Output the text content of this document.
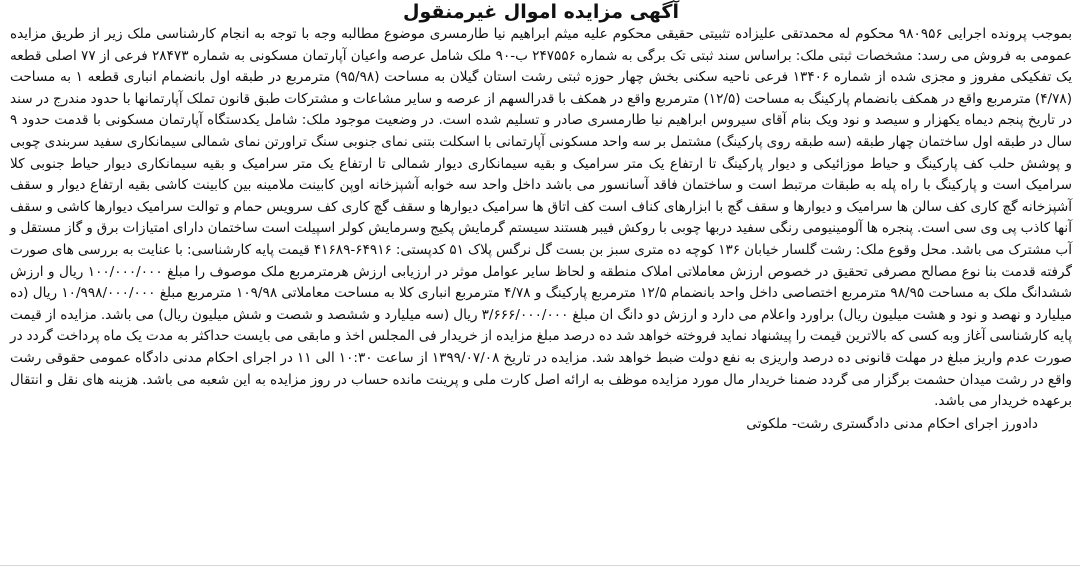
آگهی مزایده اموال غیرمنقول

بموجب پرونده اجرایی ۹۸۰۹۵۶ محکوم له محمدتقی علیزاده تثبیتی حقیقی محکوم علیه میثم ابراهیم نیا طارمسری موضوع مطالبه وجه با توجه به انجام کارشناسی ملک زیر از طریق مزایده عمومی به فروش می رسد: مشخصات ثبتی ملک: براساس سند ثبتی تک برگی به شماره ۲۴۷۵۵۶ ب-۹۰ ملک شامل عرصه واعیان آپارتمان مسکونی به شماره ۲۸۴۷۳ فرعی از ۷۷ اصلی قطعه یک تفکیکی مفروز و مجزی شده از شماره ۱۳۴۰۶ فرعی ناحیه سکنی بخش چهار حوزه ثبتی رشت استان گیلان به مساحت (۹۵/۹۸) مترمربع در طبقه اول بانضمام انباری قطعه ۱ به مساحت (۴/۷۸) مترمربع واقع در همکف بانضمام پارکینگ به مساحت (۱۲/۵) مترمربع واقع در همکف با قدرالسهم از عرصه و سایر مشاعات و مشترکات طبق قانون تملک آپارتمانها با حدود مندرج در سند در تاریخ پنجم دیماه یکهزار و سیصد و نود ویک بنام آقای سیروس ابراهیم نیا طارمسری صادر و تسلیم شده است. در وضعیت موجود ملک: شامل یکدستگاه آپارتمان مسکونی با قدمت حدود ۹ سال در طبقه اول ساختمان چهار طبقه (سه طبقه روی پارکینگ) مشتمل بر سه واحد مسکونی آپارتمانی با اسکلت بتنی نمای جنوبی سنگ تراورتن نمای شمالی سیمانکاری سفید سربندی چوبی و پوشش حلب کف پارکینگ و حیاط موزائیکی و دیوار پارکینگ تا ارتفاع یک متر سرامیک و بقیه سیمانکاری دیوار شمالی تا ارتفاع یک متر سرامیک و بقیه سیمانکاری دیوار حیاط جنوبی کلا سرامیک است و پارکینگ با راه پله به طبقات مرتبط است و ساختمان فاقد آسانسور می باشد داخل واحد سه خوابه آشپزخانه اوپن کابینت ملامینه بین کابینت کاشی بقیه ارتفاع دیوار و سقف آشپزخانه گچ کاری کف سالن ها سرامیک و دیوارها و سقف گچ با ابزارهای کناف است کف اتاق ها سرامیک دیوارها و سقف گچ کاری کف سرویس حمام و توالت سرامیک دیوارها کاشی و سقف آنها کاذب پی وی سی است. پنجره ها آلومینیومی رنگی سفید دربها چوبی با روکش فیبر هستند سیستم گرمایش پکیج وسرمایش کولر اسپیلت است ساختمان دارای امتیازات برق و گاز مستقل و آب مشترک می باشد. محل وقوع ملک: رشت گلسار خیابان ۱۳۶ کوچه ده متری سبز بن بست گل نرگس پلاک ۵۱ کدپستی: ۶۴۹۱۶-۴۱۶۸۹ قیمت پایه کارشناسی: با عنایت به بررسی های صورت گرفته قدمت بنا نوع مصالح مصرفی تحقیق در خصوص ارزش معاملاتی املاک منطقه و لحاظ سایر عوامل موثر در ارزیابی ارزش هرمترمربع ملک موصوف را مبلغ ۱۰۰/۰۰۰/۰۰۰ ریال و ارزش ششدانگ ملک به مساحت ۹۸/۹۵ مترمربع اختصاصی داخل واحد بانضمام ۱۲/۵ مترمربع پارکینگ و ۴/۷۸ مترمربع انباری کلا به مساحت معاملاتی ۱۰۹/۹۸ مترمربع مبلغ ۱۰/۹۹۸/۰۰۰/۰۰۰ ریال (ده میلیارد و نهصد و نود و هشت میلیون ریال) براورد واعلام می دارد و ارزش دو دانگ ان مبلغ ۳/۶۶۶/۰۰۰/۰۰۰ ریال (سه میلیارد و ششصد و شصت و شش میلیون ریال) می باشد. مزایده از قیمت پایه کارشناسی آغاز وبه کسی که بالاترین قیمت را پیشنهاد نماید فروخته خواهد شد ده درصد مبلغ مزایده از خریدار فی المجلس اخذ و مابقی می بایست حداکثر به مدت یک ماه پرداخت گردد در صورت عدم واریز مبلغ در مهلت قانونی ده درصد واریزی به نفع دولت ضبط خواهد شد. مزایده در تاریخ ۱۳۹۹/۰۷/۰۸ از ساعت ۱۰:۳۰ الی ۱۱ در اجرای احکام مدنی دادگاه عمومی حقوقی رشت واقع در رشت میدان حشمت برگزار می گردد ضمنا خریدار مال مورد مزایده موظف به ارائه اصل کارت ملی و پرینت مانده حساب در روز مزایده به این شعبه می باشد. هزینه های نقل و انتقال برعهده خریدار می باشد.

دادورز اجرای احکام مدنی دادگستری رشت- ملکوتی
